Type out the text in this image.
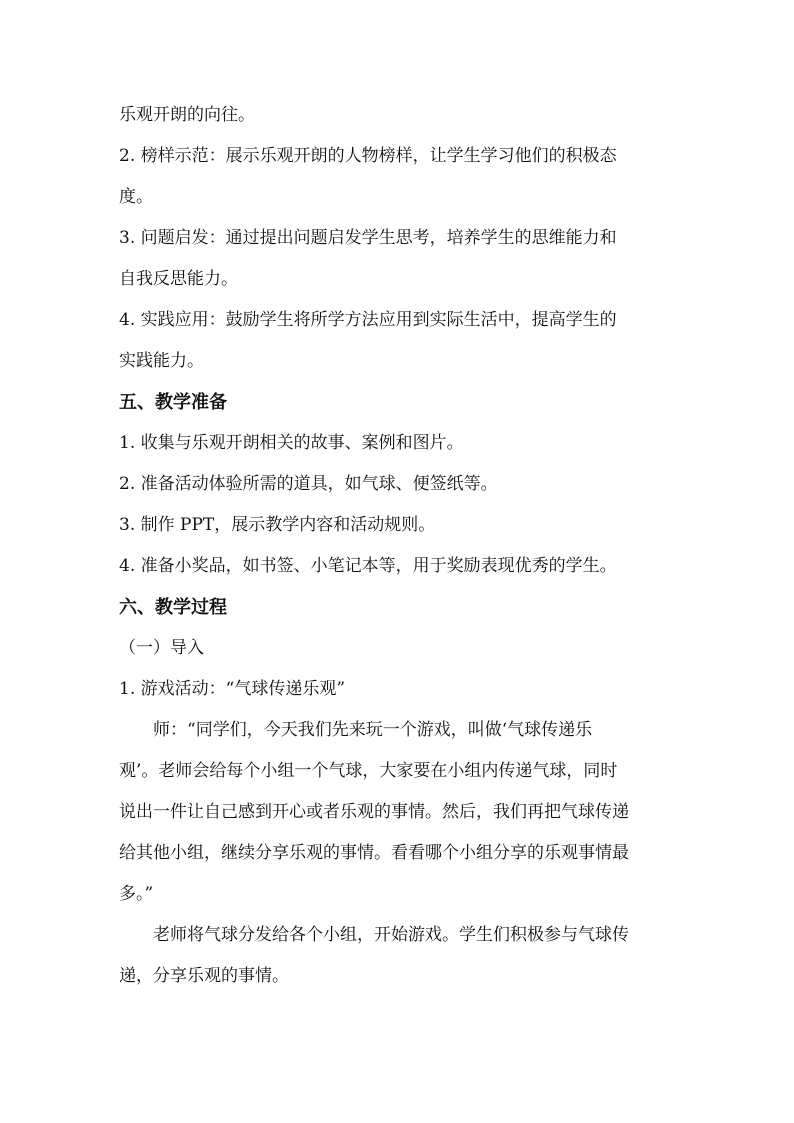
乐观开朗的向往。
2. 榜样示范：展示乐观开朗的人物榜样，让学生学习他们的积极态
度。
3. 问题启发：通过提出问题启发学生思考，培养学生的思维能力和
自我反思能力。
4. 实践应用：鼓励学生将所学方法应用到实际生活中，提高学生的
实践能力。
五、教学准备
1. 收集与乐观开朗相关的故事、案例和图片。
2. 准备活动体验所需的道具，如气球、便签纸等。
3. 制作 PPT，展示教学内容和活动规则。
4. 准备小奖品，如书签、小笔记本等，用于奖励表现优秀的学生。
六、教学过程
（一）导入
1. 游戏活动：“气球传递乐观”
师：“同学们，今天我们先来玩一个游戏，叫做‘气球传递乐
观’。老师会给每个小组一个气球，大家要在小组内传递气球，同时
说出一件让自己感到开心或者乐观的事情。然后，我们再把气球传递
给其他小组，继续分享乐观的事情。看看哪个小组分享的乐观事情最
多。”
老师将气球分发给各个小组，开始游戏。学生们积极参与气球传
递，分享乐观的事情。
